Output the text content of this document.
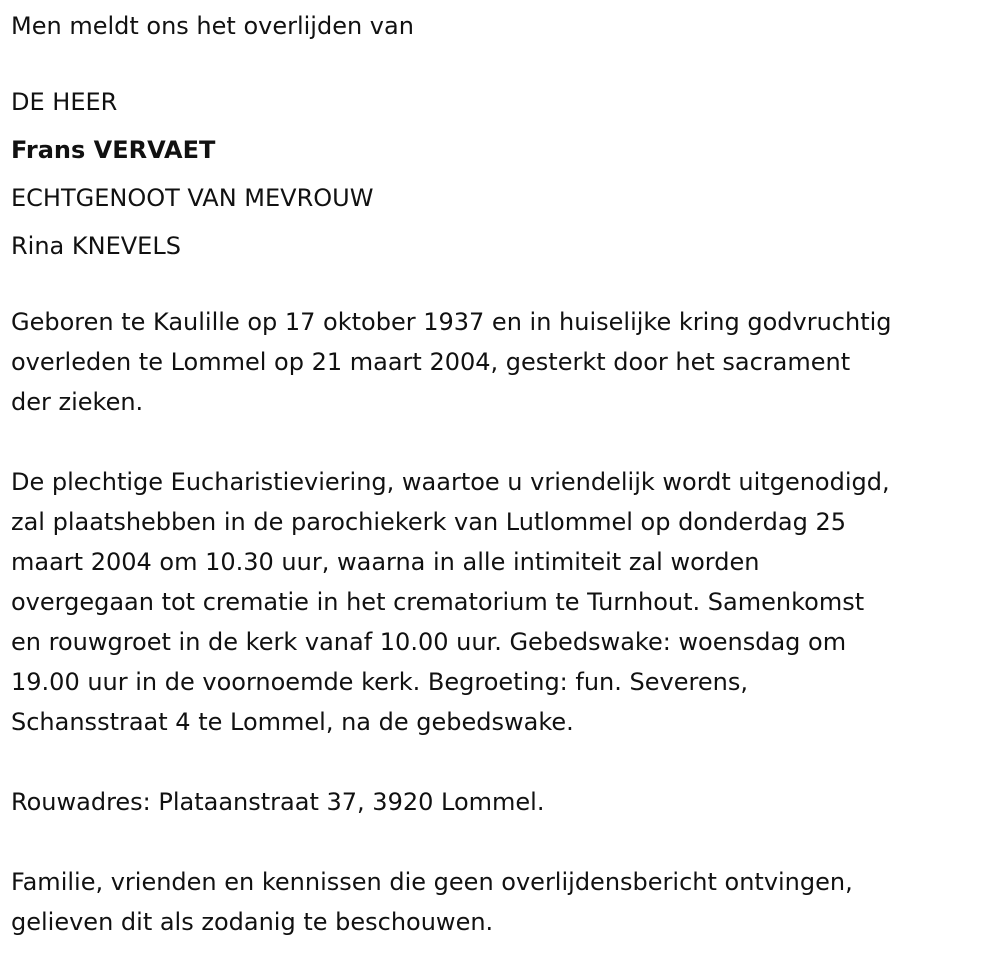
Men meldt ons het overlijden van

DE HEER

Frans VERVAET

ECHTGENOOT VAN MEVROUW

Rina KNEVELS

Geboren te Kaulille op 17 oktober 1937 en in huiselijke kring godvruchtig
overleden te Lommel op 21 maart 2004, gesterkt door het sacrament
der zieken.

De plechtige Eucharistieviering, waartoe u vriendelijk wordt uitgenodigd,
zal plaatshebben in de parochiekerk van Lutlommel op donderdag 25
maart 2004 om 10.30 uur, waarna in alle intimiteit zal worden
overgegaan tot crematie in het crematorium te Turnhout. Samenkomst
en rouwgroet in de kerk vanaf 10.00 uur. Gebedswake: woensdag om
19.00 uur in de voornoemde kerk. Begroeting: fun. Severens,
Schansstraat 4 te Lommel, na de gebedswake.

Rouwadres: Plataanstraat 37, 3920 Lommel.

Familie, vrienden en kennissen die geen overlijdensbericht ontvingen,
gelieven dit als zodanig te beschouwen.
